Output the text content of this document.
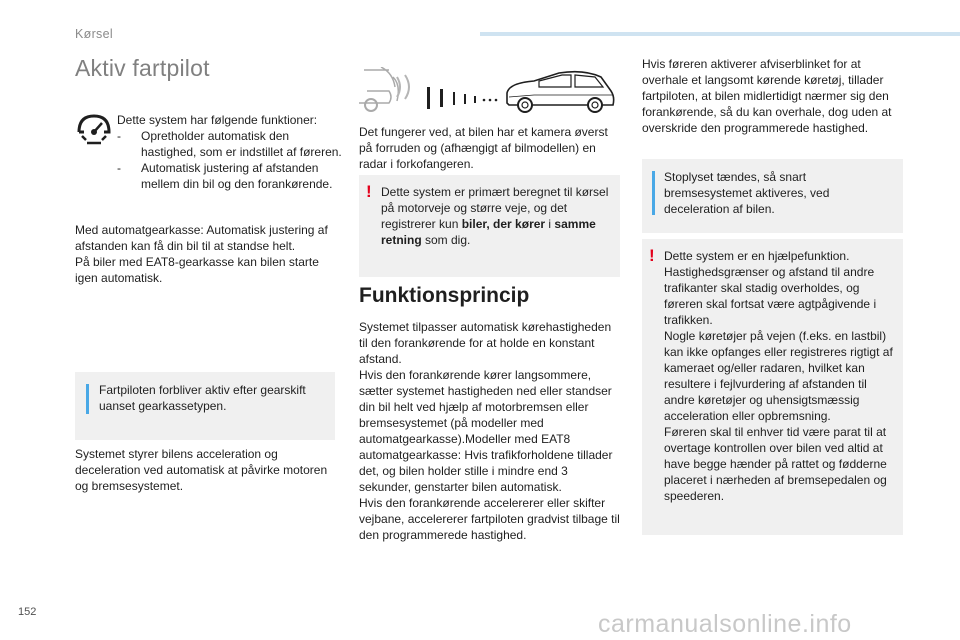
Kørsel
Aktiv fartpilot

Dette system har følgende funktioner:

-	Opretholder automatisk den hastighed, som er indstillet af føreren.
-	Automatisk justering af afstanden mellem din bil og den forankørende.
Med automatgearkasse: Automatisk justering af afstanden kan få din bil til at standse helt.
På biler med EAT8-gearkasse kan bilen starte igen automatisk.
Fartpiloten forbliver aktiv efter gearskift uanset gearkassetypen.
Systemet styrer bilens acceleration og deceleration ved automatisk at påvirke motoren og bremsesystemet.
Det fungerer ved, at bilen har et kamera øverst på forruden og (afhængigt af bilmodellen) en radar i forkofangeren.
! Dette system er primært beregnet til kørsel på motorveje og større veje, og det registrerer kun biler, der kører i samme retning som dig.
Funktionsprincip
Systemet tilpasser automatisk kørehastigheden til den forankørende for at holde en konstant afstand.
Hvis den forankørende kører langsommere, sætter systemet hastigheden ned eller standser din bil helt ved hjælp af motorbremsen eller bremsesystemet (på modeller med automatgearkasse).Modeller med EAT8 automatgearkasse: Hvis trafikforholdene tillader det, og bilen holder stille i mindre end 3 sekunder, genstarter bilen automatisk.
Hvis den forankørende accelererer eller skifter vejbane, accelererer fartpiloten gradvist tilbage til den programmerede hastighed.
Hvis føreren aktiverer afviserblinket for at overhale et langsomt kørende køretøj, tillader fartpiloten, at bilen midlertidigt nærmer sig den forankørende, så du kan overhale, dog uden at overskride den programmerede hastighed.
Stoplyset tændes, så snart bremsesystemet aktiveres, ved deceleration af bilen.
! Dette system er en hjælpefunktion.
Hastighedsgrænser og afstand til andre trafikanter skal stadig overholdes, og føreren skal fortsat være agtpågivende i trafikken.
Nogle køretøjer på vejen (f.eks. en lastbil) kan ikke opfanges eller registreres rigtigt af kameraet og/eller radaren, hvilket kan resultere i fejlvurdering af afstanden til andre køretøjer og uhensigtsmæssig acceleration eller opbremsning.
Føreren skal til enhver tid være parat til at overtage kontrollen over bilen ved altid at have begge hænder på rattet og fødderne placeret i nærheden af bremsepedalen og speederen.
152	carmanualsonline.info
